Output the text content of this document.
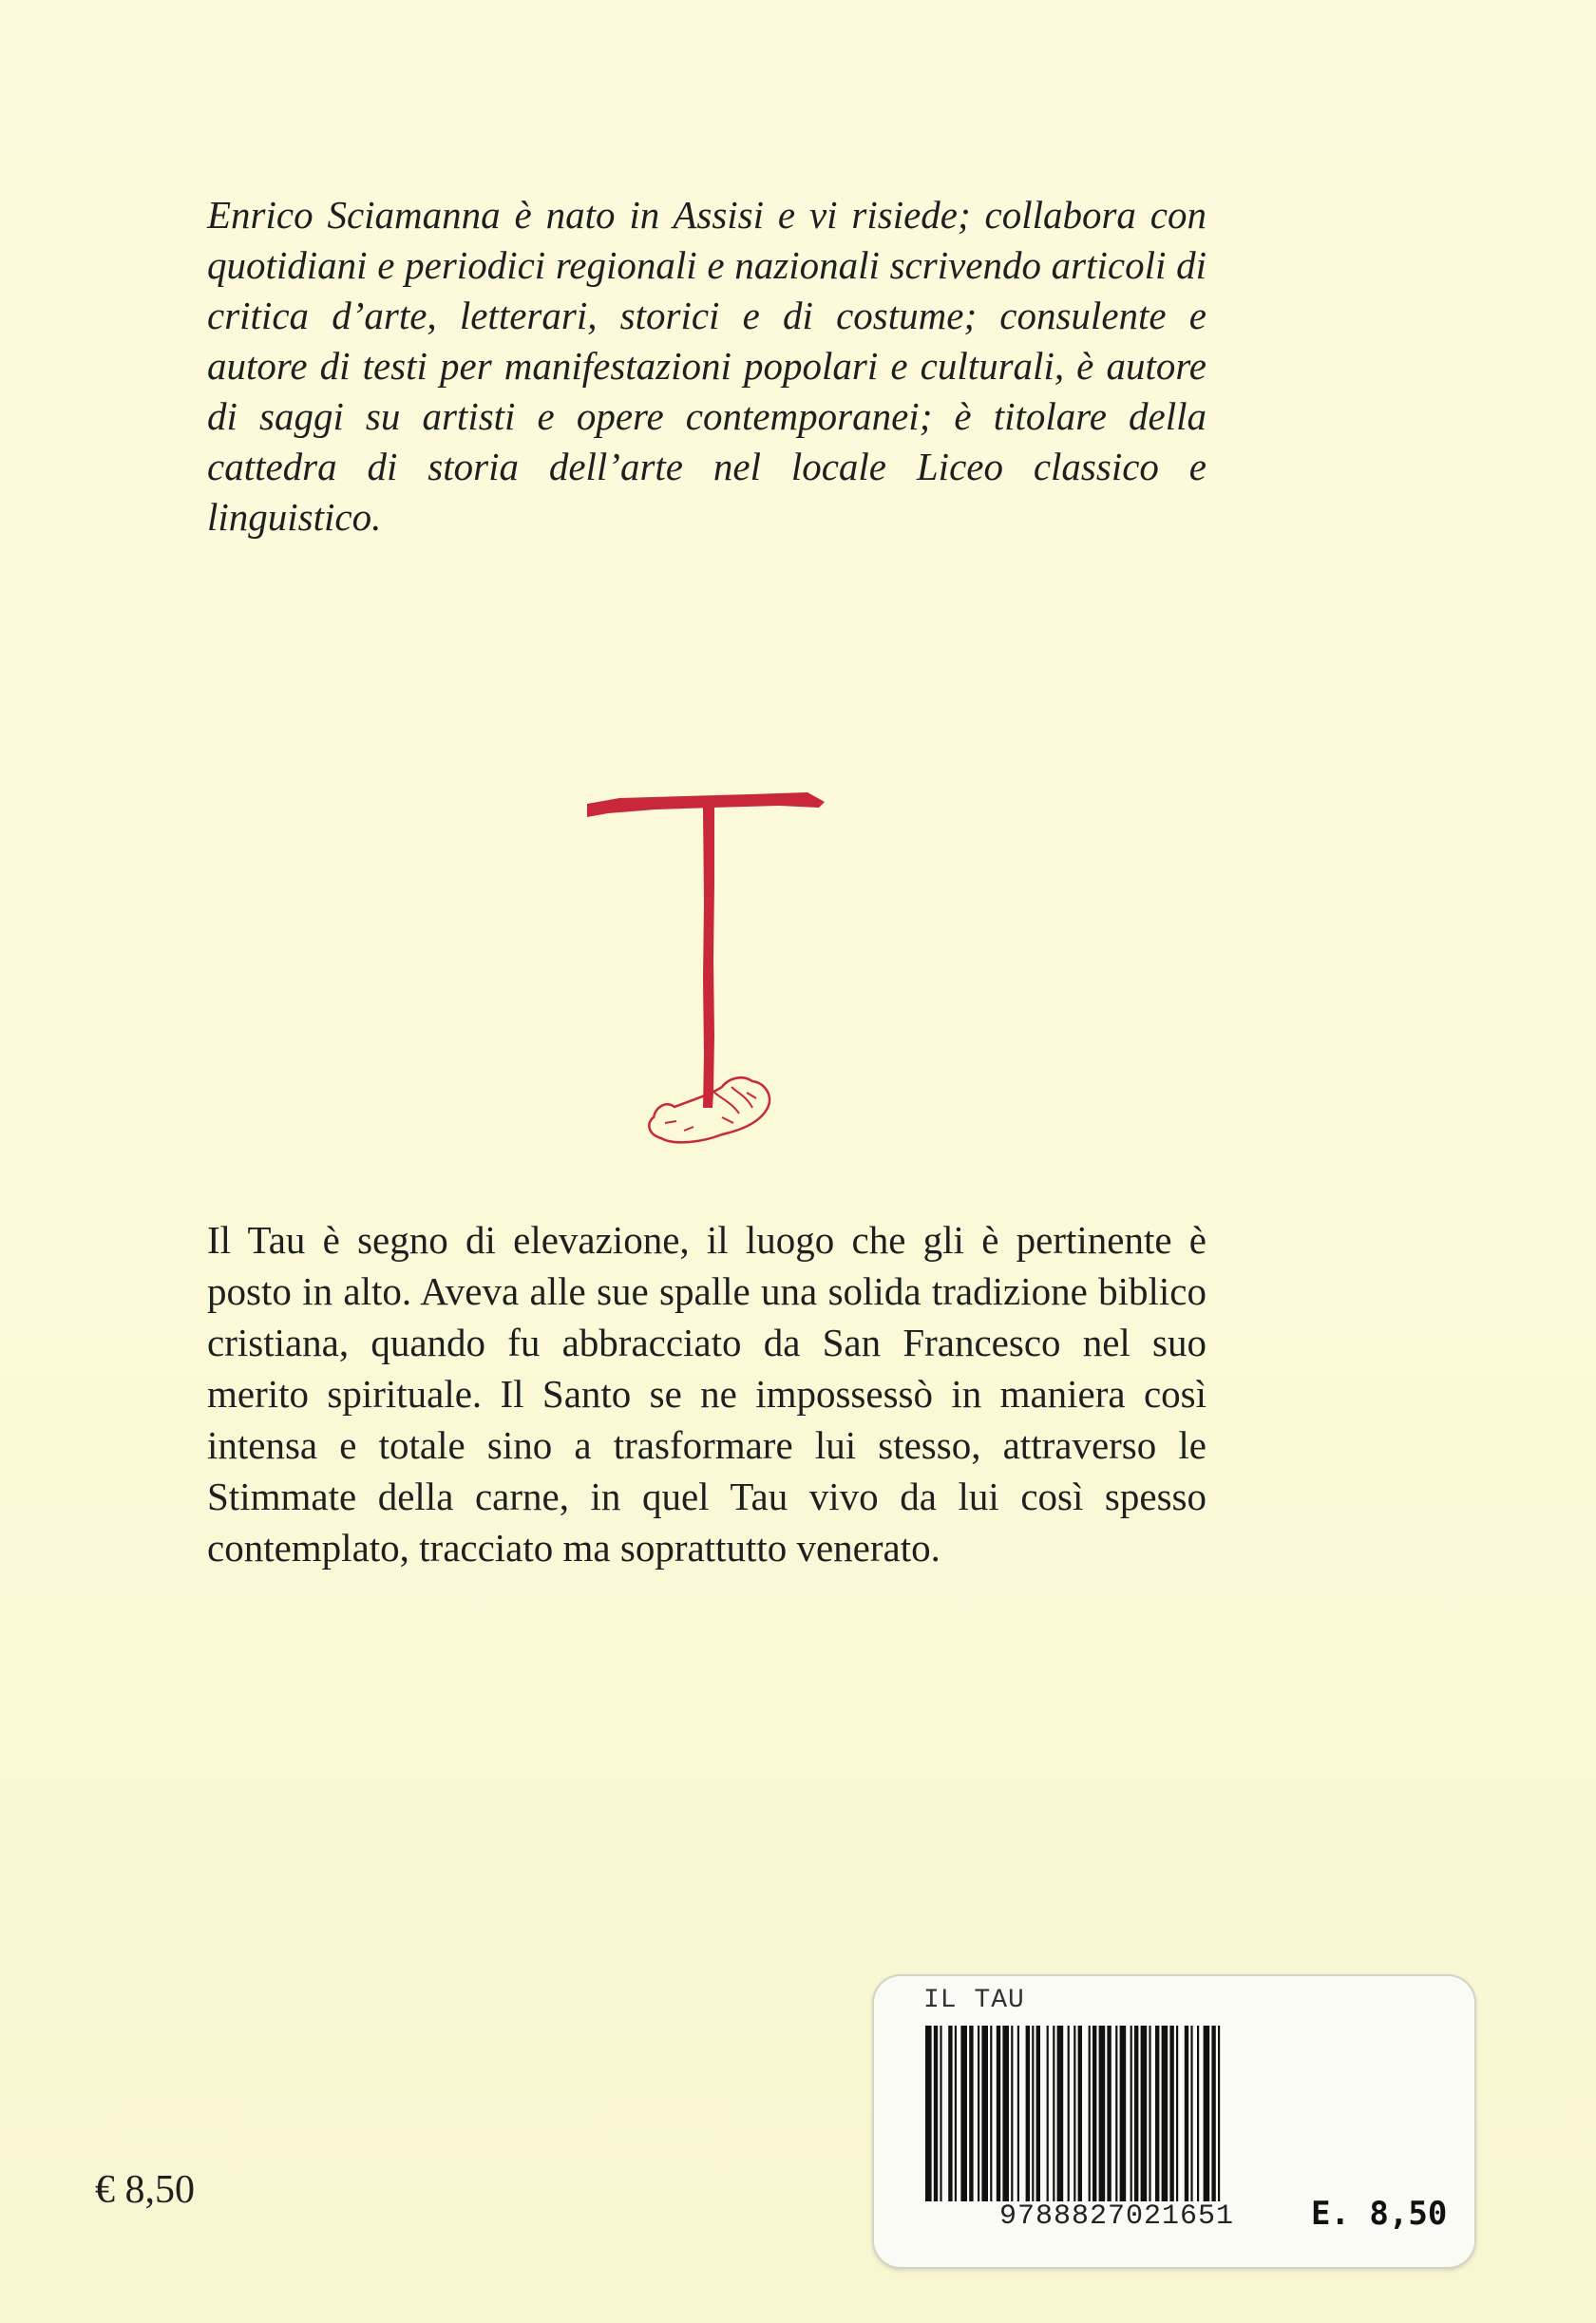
Enrico Sciamanna è nato in Assisi e vi risiede; collabora con quotidiani e periodici regionali e nazionali scrivendo articoli di critica d’arte, letterari, storici e di costume; consulente e autore di testi per manifestazioni popolari e culturali, è autore di saggi su artisti e opere contemporanei; è titolare della cattedra di storia dell’arte nel locale Liceo classico e linguistico.

Il Tau è segno di elevazione, il luogo che gli è pertinente è posto in alto. Aveva alle sue spalle una solida tradizione biblico cristiana, quando fu abbracciato da San Francesco nel suo merito spirituale. Il Santo se ne impossessò in maniera così intensa e totale sino a trasformare lui stesso, attraverso le Stimmate della carne, in quel Tau vivo da lui così spesso contemplato, tracciato ma soprattutto venerato.

€ 8,50
IL TAU
9788827021651 E. 8,50
